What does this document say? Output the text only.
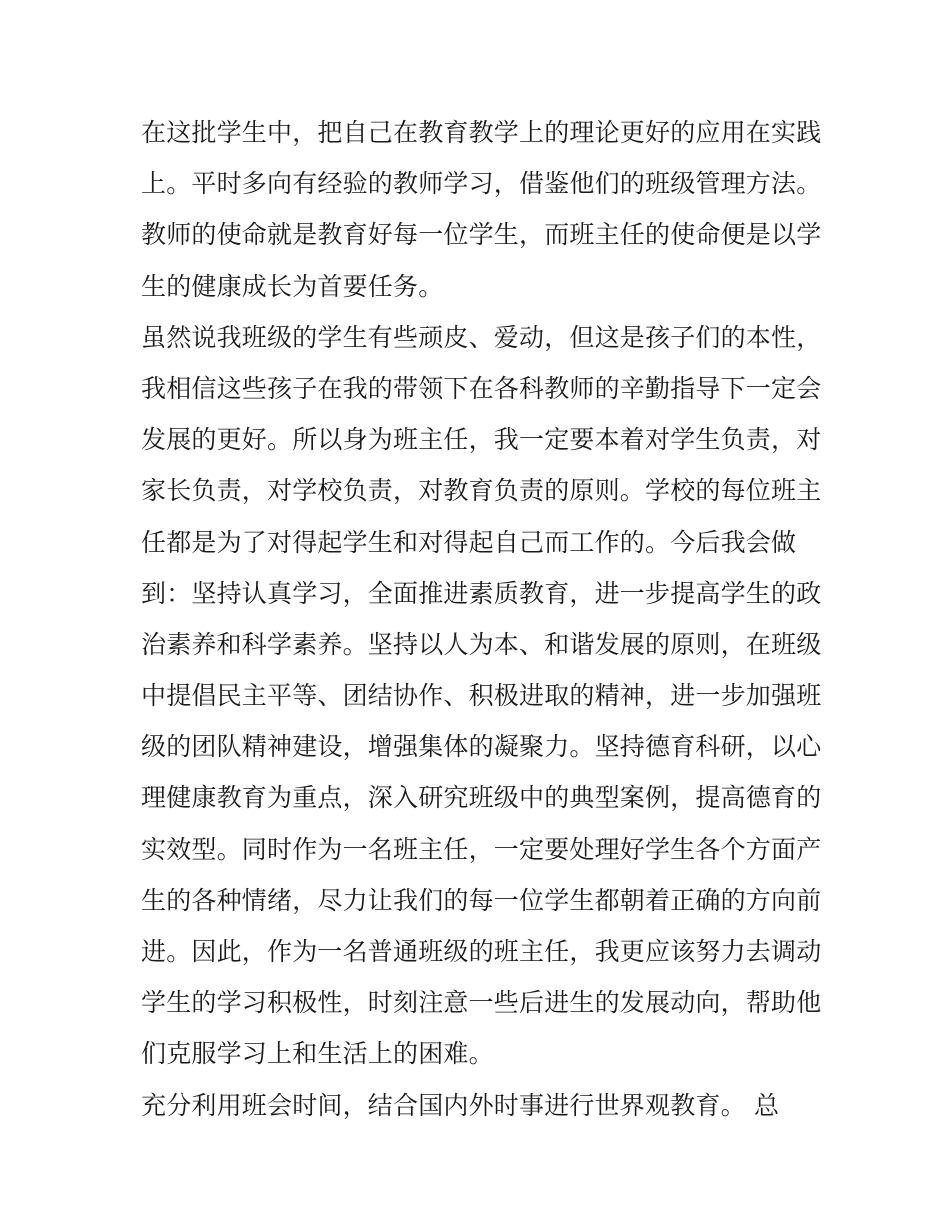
在这批学生中，把自己在教育教学上的理论更好的应用在实践
上。平时多向有经验的教师学习，借鉴他们的班级管理方法。
教师的使命就是教育好每一位学生，而班主任的使命便是以学
生的健康成长为首要任务。
虽然说我班级的学生有些顽皮、爱动，但这是孩子们的本性，
我相信这些孩子在我的带领下在各科教师的辛勤指导下一定会
发展的更好。所以身为班主任，我一定要本着对学生负责，对
家长负责，对学校负责，对教育负责的原则。学校的每位班主
任都是为了对得起学生和对得起自己而工作的。今后我会做
到：坚持认真学习，全面推进素质教育，进一步提高学生的政
治素养和科学素养。坚持以人为本、和谐发展的原则，在班级
中提倡民主平等、团结协作、积极进取的精神，进一步加强班
级的团队精神建设，增强集体的凝聚力。坚持德育科研，以心
理健康教育为重点，深入研究班级中的典型案例，提高德育的
实效型。同时作为一名班主任，一定要处理好学生各个方面产
生的各种情绪，尽力让我们的每一位学生都朝着正确的方向前
进。因此，作为一名普通班级的班主任，我更应该努力去调动
学生的学习积极性，时刻注意一些后进生的发展动向，帮助他
们克服学习上和生活上的困难。
充分利用班会时间，结合国内外时事进行世界观教育。 总
